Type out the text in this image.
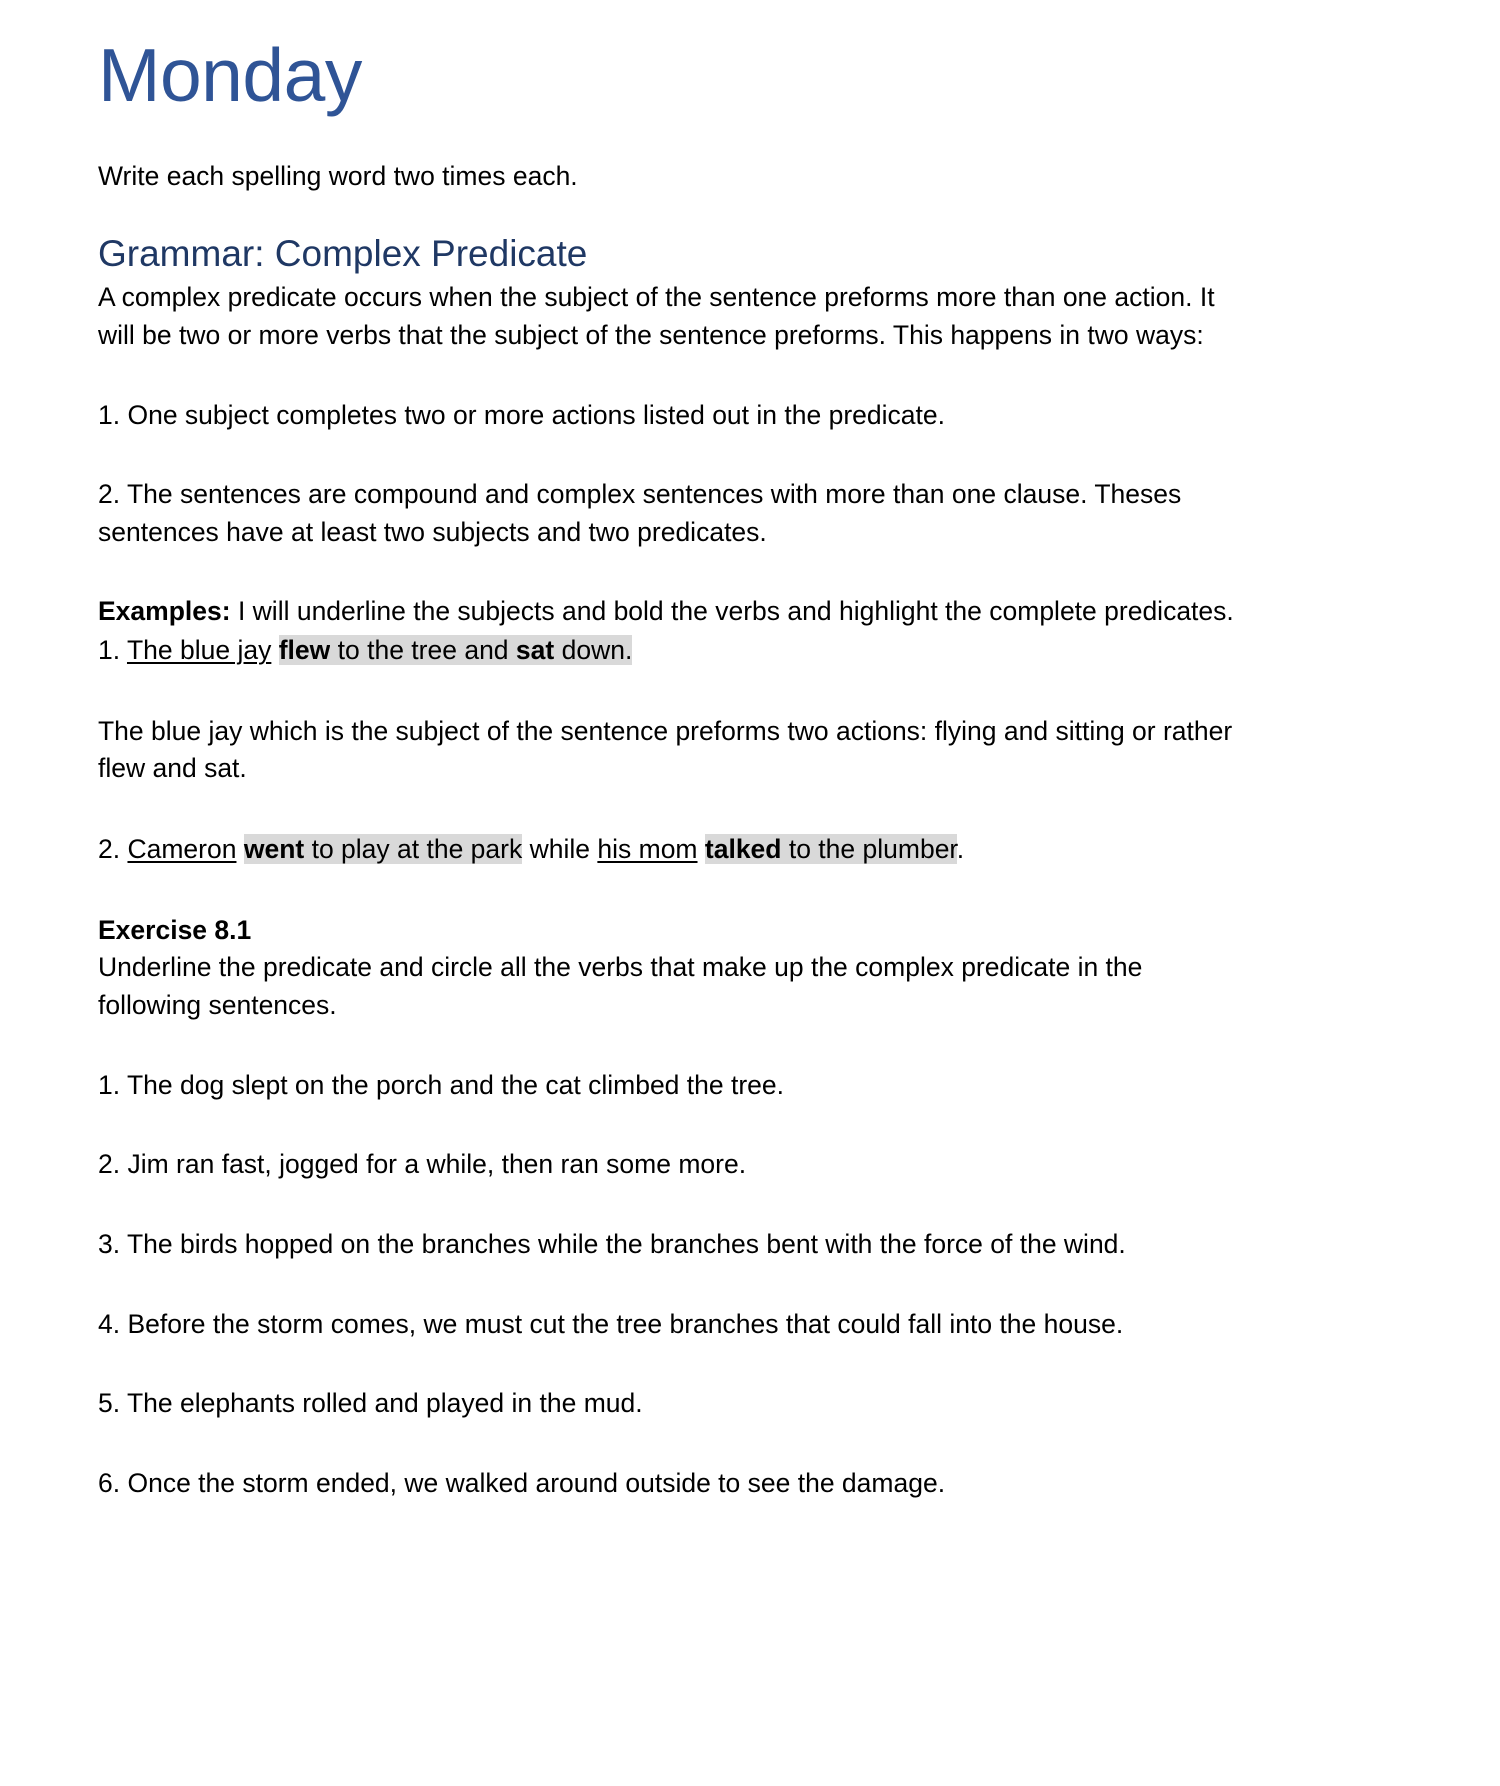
Monday

Write each spelling word two times each.

Grammar: Complex Predicate

A complex predicate occurs when the subject of the sentence preforms more than one action. It will be two or more verbs that the subject of the sentence preforms. This happens in two ways:

1. One subject completes two or more actions listed out in the predicate.

2. The sentences are compound and complex sentences with more than one clause. Theses sentences have at least two subjects and two predicates.

Examples: I will underline the subjects and bold the verbs and highlight the complete predicates.

1. The blue jay flew to the tree and sat down.

The blue jay which is the subject of the sentence preforms two actions: flying and sitting or rather flew and sat.

2. Cameron went to play at the park while his mom talked to the plumber.

Exercise 8.1

Underline the predicate and circle all the verbs that make up the complex predicate in the following sentences.

1. The dog slept on the porch and the cat climbed the tree.

2. Jim ran fast, jogged for a while, then ran some more.

3. The birds hopped on the branches while the branches bent with the force of the wind.

4. Before the storm comes, we must cut the tree branches that could fall into the house.

5. The elephants rolled and played in the mud.

6. Once the storm ended, we walked around outside to see the damage.
